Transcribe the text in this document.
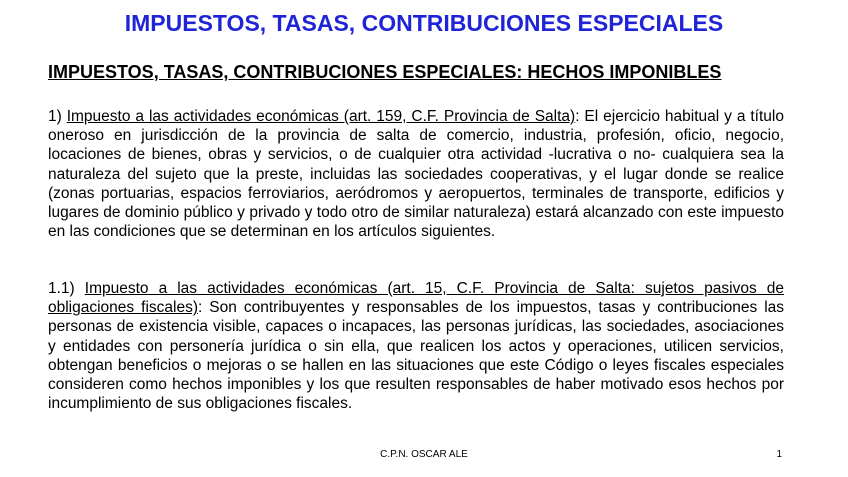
IMPUESTOS, TASAS, CONTRIBUCIONES ESPECIALES
IMPUESTOS, TASAS, CONTRIBUCIONES ESPECIALES: HECHOS IMPONIBLES
1) Impuesto a las actividades económicas (art. 159, C.F. Provincia de Salta): El ejercicio habitual y a título oneroso en jurisdicción de la provincia de salta de comercio, industria, profesión, oficio, negocio, locaciones de bienes, obras y servicios, o de cualquier otra actividad -lucrativa o no- cualquiera sea la naturaleza del sujeto que la preste, incluidas las sociedades cooperativas, y el lugar donde se realice (zonas portuarias, espacios ferroviarios, aeródromos y aeropuertos, terminales de transporte, edificios y lugares de dominio público y privado y todo otro de similar naturaleza) estará alcanzado con este impuesto en las condiciones que se determinan en los artículos siguientes.
1.1) Impuesto a las actividades económicas (art. 15, C.F. Provincia de Salta: sujetos pasivos de obligaciones fiscales): Son contribuyentes y responsables de los impuestos, tasas y contribuciones las personas de existencia visible, capaces o incapaces, las personas jurídicas, las sociedades, asociaciones y entidades con personería jurídica o sin ella, que realicen los actos y operaciones, utilicen servicios, obtengan beneficios o mejoras o se hallen en las situaciones que este Código o leyes fiscales especiales consideren como hechos imponibles y los que resulten responsables de haber motivado esos hechos por incumplimiento de sus obligaciones fiscales.
C.P.N. OSCAR ALE	1
